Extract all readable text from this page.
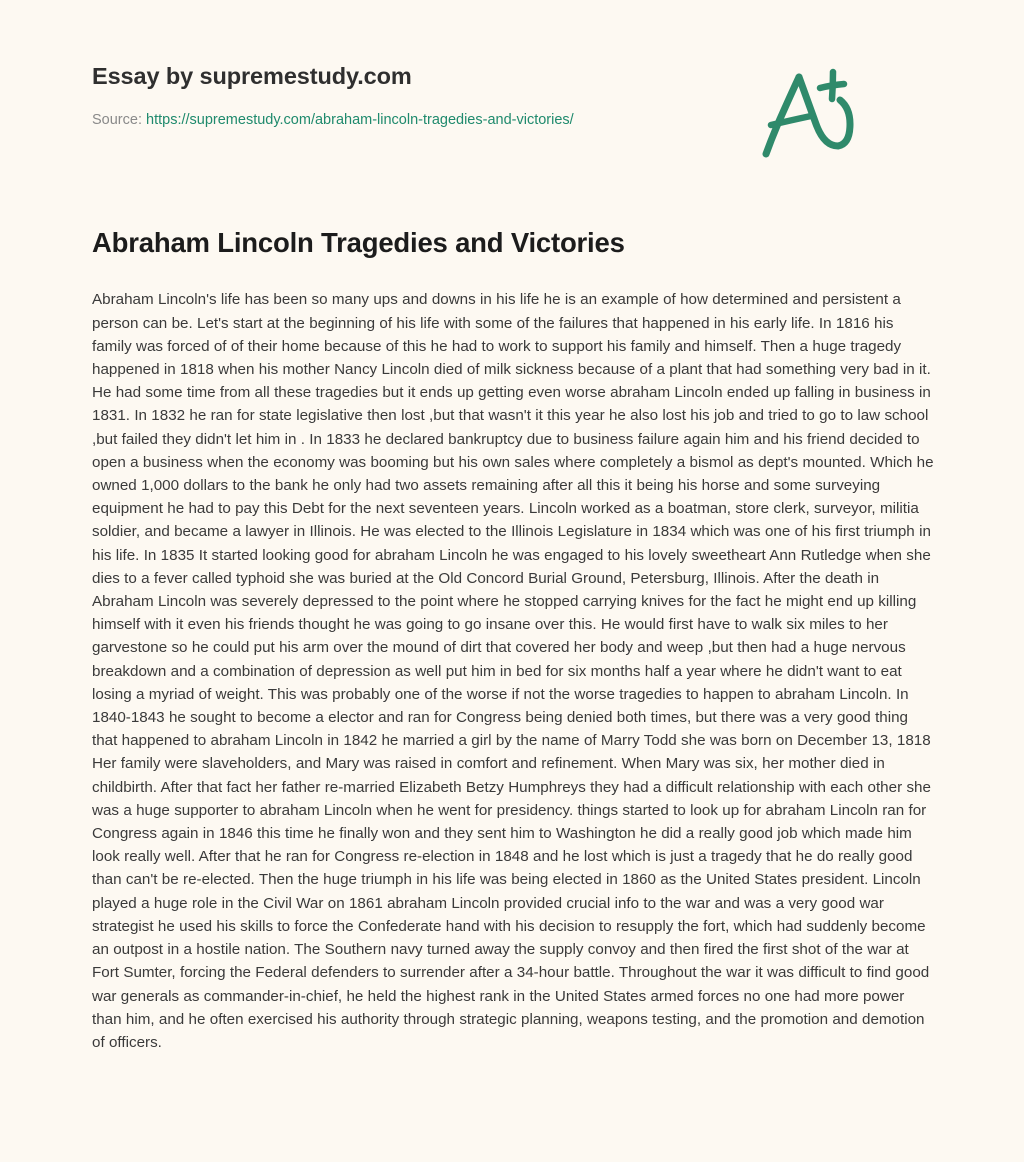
Essay by supremestudy.com
Source: https://supremestudy.com/abraham-lincoln-tragedies-and-victories/
Abraham Lincoln Tragedies and Victories

Abraham Lincoln's life has been so many ups and downs in his life he is an example of how determined and persistent a person can be. Let's start at the beginning of his life with some of the failures that happened in his early life. In 1816 his family was forced of of their home because of this he had to work to support his family and himself. Then a huge tragedy happened in 1818 when his mother Nancy Lincoln died of milk sickness because of a plant that had something very bad in it. He had some time from all these tragedies but it ends up getting even worse abraham Lincoln ended up falling in business in 1831. In 1832 he ran for state legislative then lost ,but that wasn't it this year he also lost his job and tried to go to law school ,but failed they didn't let him in . In 1833 he declared bankruptcy due to business failure again him and his friend decided to open a business when the economy was booming but his own sales where completely a bismol as dept's mounted. Which he owned 1,000 dollars to the bank he only had two assets remaining after all this it being his horse and some surveying equipment he had to pay this Debt for the next seventeen years. Lincoln worked as a boatman, store clerk, surveyor, militia soldier, and became a lawyer in Illinois. He was elected to the Illinois Legislature in 1834 which was one of his first triumph in his life. In 1835 It started looking good for abraham Lincoln he was engaged to his lovely sweetheart Ann Rutledge when she dies to a fever called typhoid she was buried at the Old Concord Burial Ground, Petersburg, Illinois. After the death in Abraham Lincoln was severely depressed to the point where he stopped carrying knives for the fact he might end up killing himself with it even his friends thought he was going to go insane over this. He would first have to walk six miles to her garvestone so he could put his arm over the mound of dirt that covered her body and weep ,but then had a huge nervous breakdown and a combination of depression as well put him in bed for six months half a year where he didn't want to eat losing a myriad of weight. This was probably one of the worse if not the worse tragedies to happen to abraham Lincoln. In 1840-1843 he sought to become a elector and ran for Congress being denied both times, but there was a very good thing that happened to abraham Lincoln in 1842 he married a girl by the name of Marry Todd she was born on December 13, 1818 Her family were slaveholders, and Mary was raised in comfort and refinement. When Mary was six, her mother died in childbirth. After that fact her father re-married Elizabeth Betzy Humphreys they had a difficult relationship with each other she was a huge supporter to abraham Lincoln when he went for presidency. things started to look up for abraham Lincoln ran for Congress again in 1846 this time he finally won and they sent him to Washington he did a really good job which made him look really well. After that he ran for Congress re-election in 1848 and he lost which is just a tragedy that he do really good than can't be re-elected. Then the huge triumph in his life was being elected in 1860 as the United States president. Lincoln played a huge role in the Civil War on 1861 abraham Lincoln provided crucial info to the war and was a very good war strategist he used his skills to force the Confederate hand with his decision to resupply the fort, which had suddenly become an outpost in a hostile nation. The Southern navy turned away the supply convoy and then fired the first shot of the war at Fort Sumter, forcing the Federal defenders to surrender after a 34-hour battle. Throughout the war it was difficult to find good war generals as commander-in-chief, he held the highest rank in the United States armed forces no one had more power than him, and he often exercised his authority through strategic planning, weapons testing, and the promotion and demotion of officers.
